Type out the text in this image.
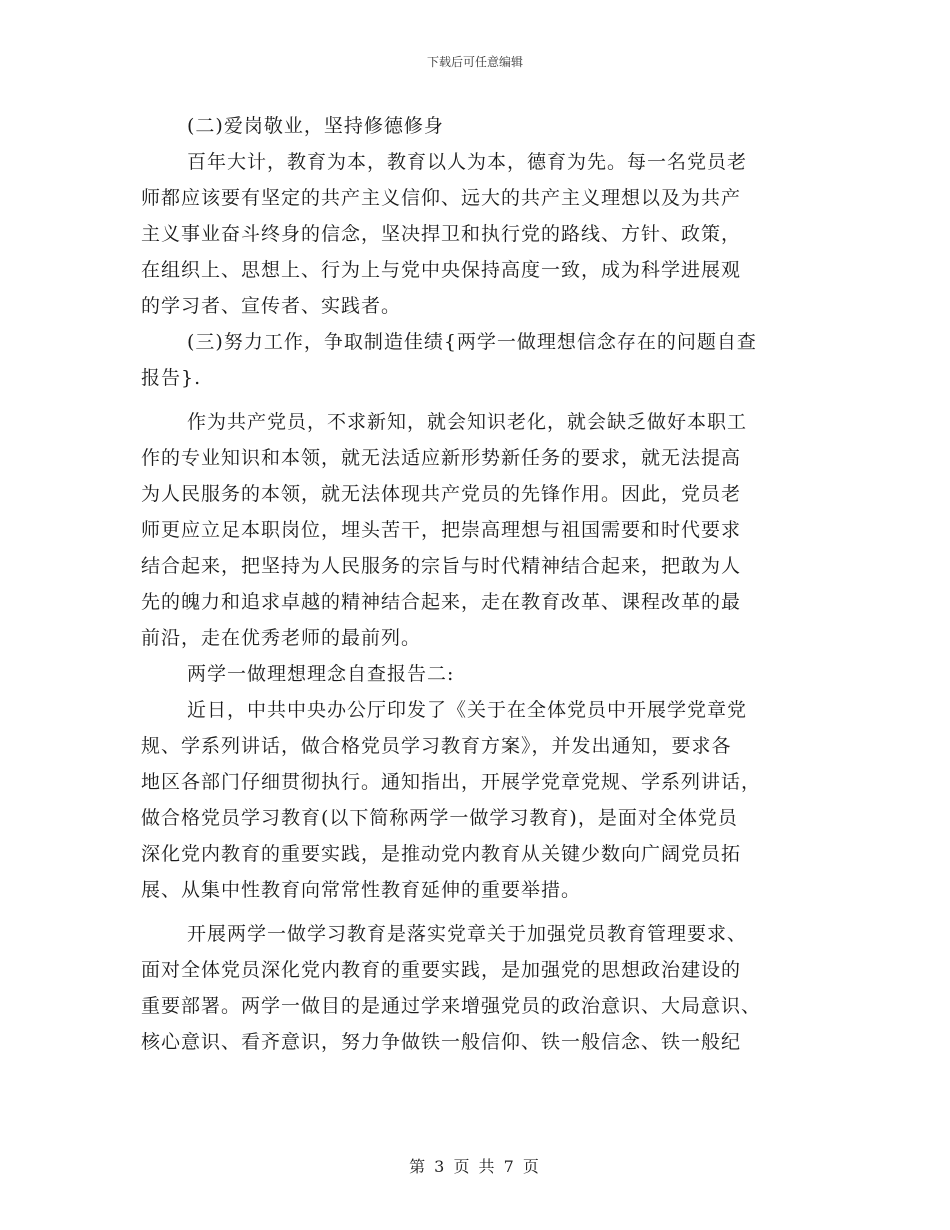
下载后可任意编辑
(二)爱岗敬业，坚持修德修身
百年大计，教育为本，教育以人为本，德育为先。每一名党员老
师都应该要有坚定的共产主义信仰、远大的共产主义理想以及为共产
主义事业奋斗终身的信念，坚决捍卫和执行党的路线、方针、政策，
在组织上、思想上、行为上与党中央保持高度一致，成为科学进展观
的学习者、宣传者、实践者。
(三)努力工作，争取制造佳绩{两学一做理想信念存在的问题自查
报告}.
作为共产党员，不求新知，就会知识老化，就会缺乏做好本职工
作的专业知识和本领，就无法适应新形势新任务的要求，就无法提高
为人民服务的本领，就无法体现共产党员的先锋作用。因此，党员老
师更应立足本职岗位，埋头苦干，把崇高理想与祖国需要和时代要求
结合起来，把坚持为人民服务的宗旨与时代精神结合起来，把敢为人
先的魄力和追求卓越的精神结合起来，走在教育改革、课程改革的最
前沿，走在优秀老师的最前列。
两学一做理想理念自查报告二:
近日，中共中央办公厅印发了《关于在全体党员中开展学党章党
规、学系列讲话，做合格党员学习教育方案》，并发出通知，要求各
地区各部门仔细贯彻执行。通知指出，开展学党章党规、学系列讲话，
做合格党员学习教育(以下简称两学一做学习教育)，是面对全体党员
深化党内教育的重要实践，是推动党内教育从关键少数向广阔党员拓
展、从集中性教育向常常性教育延伸的重要举措。
开展两学一做学习教育是落实党章关于加强党员教育管理要求、
面对全体党员深化党内教育的重要实践，是加强党的思想政治建设的
重要部署。两学一做目的是通过学来增强党员的政治意识、大局意识、
核心意识、看齐意识，努力争做铁一般信仰、铁一般信念、铁一般纪
第 3 页 共 7 页
